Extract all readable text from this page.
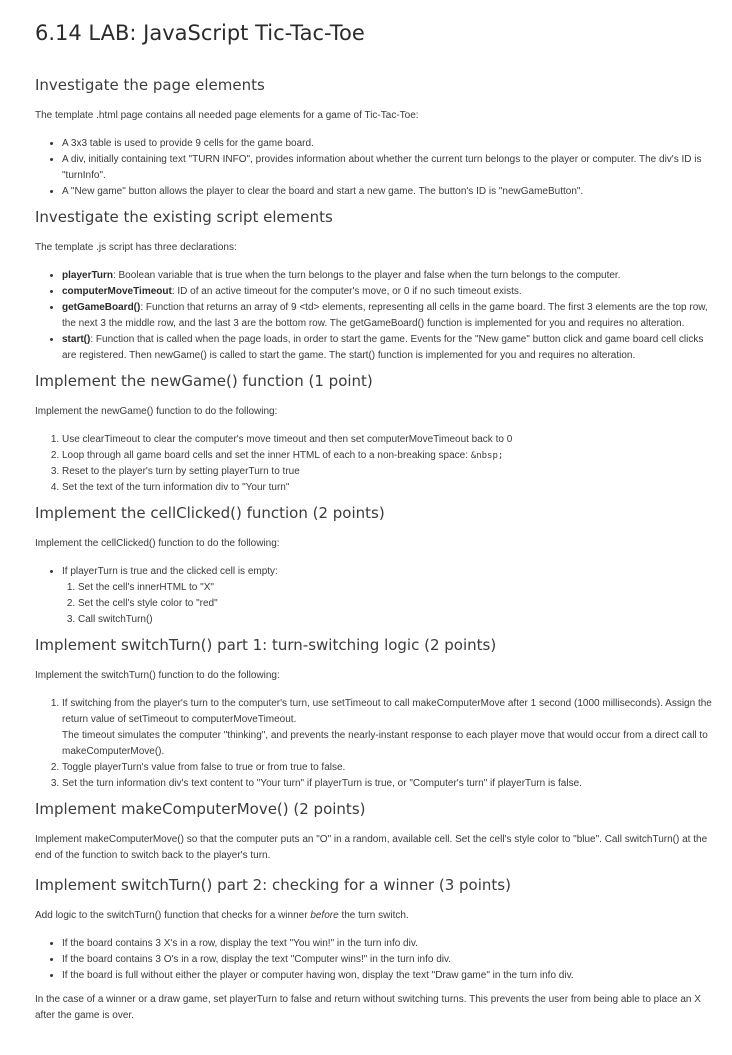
6.14 LAB: JavaScript Tic-Tac-Toe
Investigate the page elements

The template .html page contains all needed page elements for a game of Tic-Tac-Toe:

• A 3x3 table is used to provide 9 cells for the game board.
• A div, initially containing text "TURN INFO", provides information about whether the current turn belongs to the player or computer. The div's ID is "turnInfo".
• A "New game" button allows the player to clear the board and start a new game. The button's ID is "newGameButton".
Investigate the existing script elements

The template .js script has three declarations:

• playerTurn: Boolean variable that is true when the turn belongs to the player and false when the turn belongs to the computer.
• computerMoveTimeout: ID of an active timeout for the computer's move, or 0 if no such timeout exists.
• getGameBoard(): Function that returns an array of 9 <td> elements, representing all cells in the game board. The first 3 elements are the top row, the next 3 the middle row, and the last 3 are the bottom row. The getGameBoard() function is implemented for you and requires no alteration.
• start(): Function that is called when the page loads, in order to start the game. Events for the "New game" button click and game board cell clicks are registered. Then newGame() is called to start the game. The start() function is implemented for you and requires no alteration.
Implement the newGame() function (1 point)

Implement the newGame() function to do the following:

1. Use clearTimeout to clear the computer's move timeout and then set computerMoveTimeout back to 0
2. Loop through all game board cells and set the inner HTML of each to a non-breaking space: &nbsp;
3. Reset to the player's turn by setting playerTurn to true
4. Set the text of the turn information div to "Your turn"
Implement the cellClicked() function (2 points)

Implement the cellClicked() function to do the following:

• If playerTurn is true and the clicked cell is empty:
1. Set the cell's innerHTML to "X"
2. Set the cell's style color to "red"
3. Call switchTurn()
Implement switchTurn() part 1: turn-switching logic (2 points)

Implement the switchTurn() function to do the following:

1. If switching from the player's turn to the computer's turn, use setTimeout to call makeComputerMove after 1 second (1000 milliseconds). Assign the return value of setTimeout to computerMoveTimeout.
The timeout simulates the computer "thinking", and prevents the nearly-instant response to each player move that would occur from a direct call to makeComputerMove().
2. Toggle playerTurn's value from false to true or from true to false.
3. Set the turn information div's text content to "Your turn" if playerTurn is true, or "Computer's turn" if playerTurn is false.
Implement makeComputerMove() (2 points)

Implement makeComputerMove() so that the computer puts an "O" in a random, available cell. Set the cell's style color to "blue". Call switchTurn() at the end of the function to switch back to the player's turn.

Implement switchTurn() part 2: checking for a winner (3 points)

Add logic to the switchTurn() function that checks for a winner before the turn switch.

• If the board contains 3 X's in a row, display the text "You win!" in the turn info div.
• If the board contains 3 O's in a row, display the text "Computer wins!" in the turn info div.
• If the board is full without either the player or computer having won, display the text "Draw game" in the turn info div.

In the case of a winner or a draw game, set playerTurn to false and return without switching turns. This prevents the user from being able to place an X after the game is over.
